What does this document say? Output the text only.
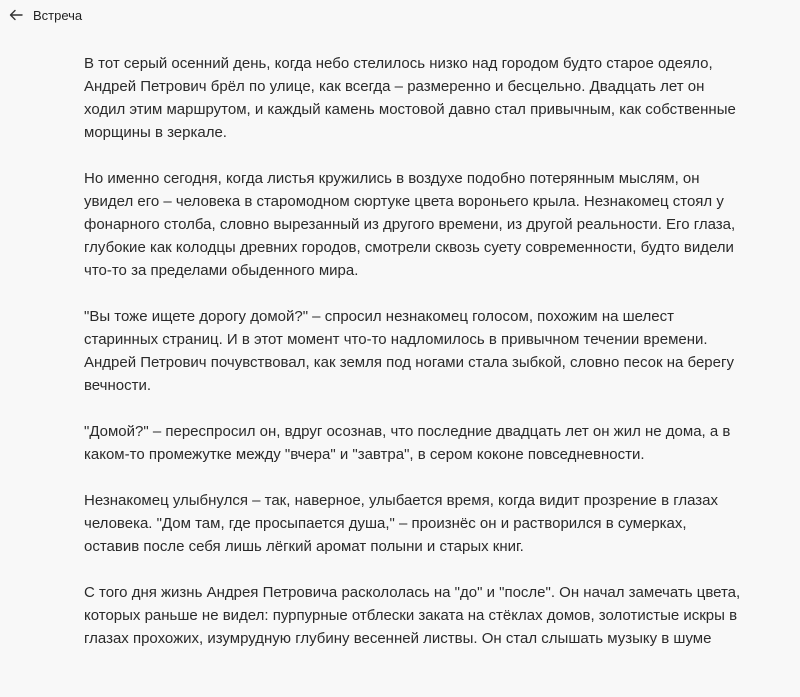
Встреча

В тот серый осенний день, когда небо стелилось низко над городом будто старое одеяло,
Андрей Петрович брёл по улице, как всегда – размеренно и бесцельно. Двадцать лет он
ходил этим маршрутом, и каждый камень мостовой давно стал привычным, как собственные
морщины в зеркале.

Но именно сегодня, когда листья кружились в воздухе подобно потерянным мыслям, он
увидел его – человека в старомодном сюртуке цвета вороньего крыла. Незнакомец стоял у
фонарного столба, словно вырезанный из другого времени, из другой реальности. Его глаза,
глубокие как колодцы древних городов, смотрели сквозь суету современности, будто видели
что-то за пределами обыденного мира.

"Вы тоже ищете дорогу домой?" – спросил незнакомец голосом, похожим на шелест
старинных страниц. И в этот момент что-то надломилось в привычном течении времени.
Андрей Петрович почувствовал, как земля под ногами стала зыбкой, словно песок на берегу
вечности.

"Домой?" – переспросил он, вдруг осознав, что последние двадцать лет он жил не дома, а в
каком-то промежутке между "вчера" и "завтра", в сером коконе повседневности.

Незнакомец улыбнулся – так, наверное, улыбается время, когда видит прозрение в глазах
человека. "Дом там, где просыпается душа," – произнёс он и растворился в сумерках,
оставив после себя лишь лёгкий аромат полыни и старых книг.

С того дня жизнь Андрея Петровича раскололась на "до" и "после". Он начал замечать цвета,
которых раньше не видел: пурпурные отблески заката на стёклах домов, золотистые искры в
глазах прохожих, изумрудную глубину весенней листвы. Он стал слышать музыку в шуме
